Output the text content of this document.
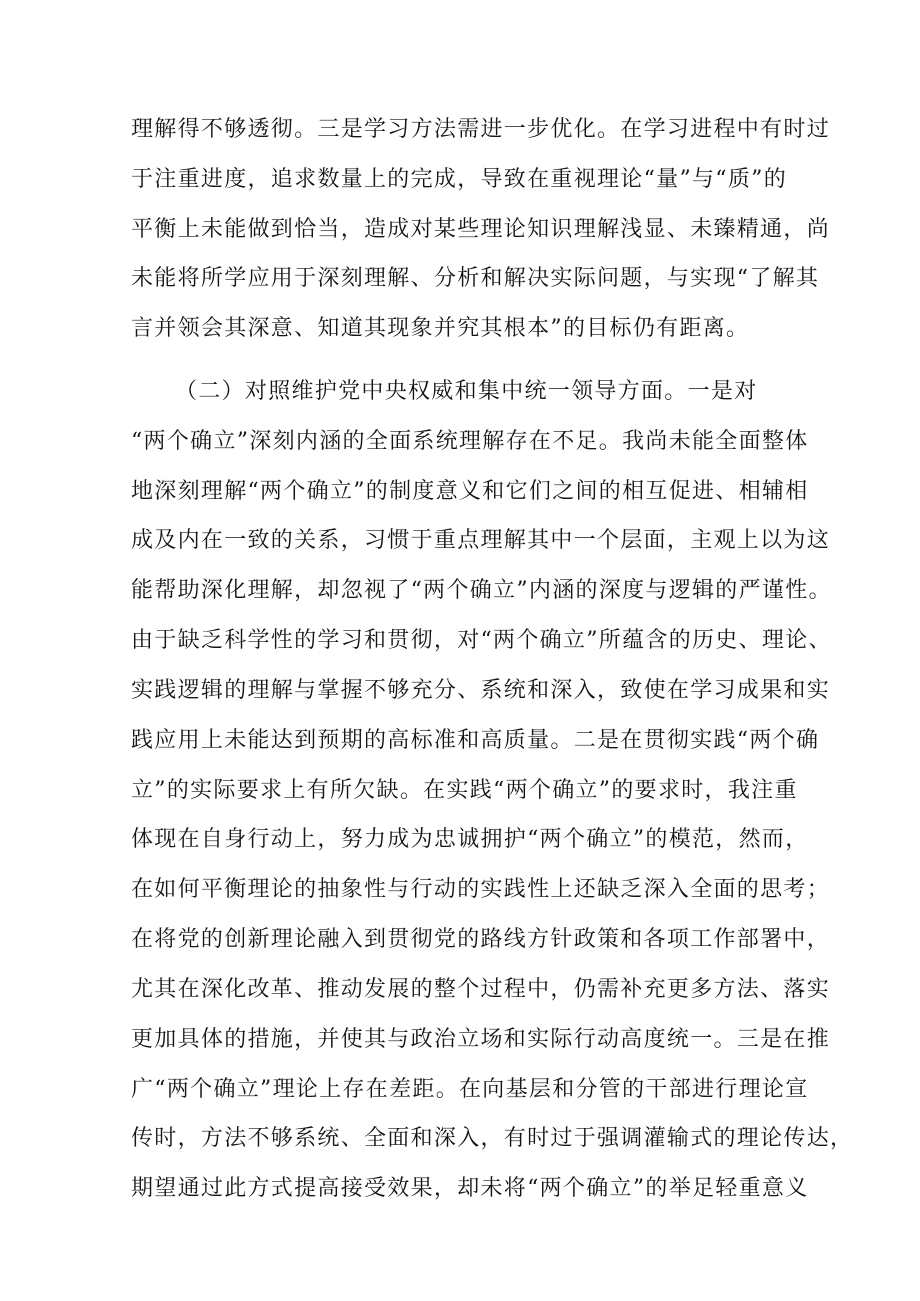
理解得不够透彻。三是学习方法需进一步优化。在学习进程中有时过
于注重进度，追求数量上的完成，导致在重视理论“量”与“质”的
平衡上未能做到恰当，造成对某些理论知识理解浅显、未臻精通，尚
未能将所学应用于深刻理解、分析和解决实际问题，与实现“了解其
言并领会其深意、知道其现象并究其根本”的目标仍有距离。
（二）对照维护党中央权威和集中统一领导方面。一是对
“两个确立”深刻内涵的全面系统理解存在不足。我尚未能全面整体
地深刻理解“两个确立”的制度意义和它们之间的相互促进、相辅相
成及内在一致的关系，习惯于重点理解其中一个层面，主观上以为这
能帮助深化理解，却忽视了“两个确立”内涵的深度与逻辑的严谨性。
由于缺乏科学性的学习和贯彻，对“两个确立”所蕴含的历史、理论、
实践逻辑的理解与掌握不够充分、系统和深入，致使在学习成果和实
践应用上未能达到预期的高标准和高质量。二是在贯彻实践“两个确
立”的实际要求上有所欠缺。在实践“两个确立”的要求时，我注重
体现在自身行动上，努力成为忠诚拥护“两个确立”的模范，然而，
在如何平衡理论的抽象性与行动的实践性上还缺乏深入全面的思考；
在将党的创新理论融入到贯彻党的路线方针政策和各项工作部署中，
尤其在深化改革、推动发展的整个过程中，仍需补充更多方法、落实
更加具体的措施，并使其与政治立场和实际行动高度统一。三是在推
广“两个确立”理论上存在差距。在向基层和分管的干部进行理论宣
传时，方法不够系统、全面和深入，有时过于强调灌输式的理论传达，
期望通过此方式提高接受效果，却未将“两个确立”的举足轻重意义
